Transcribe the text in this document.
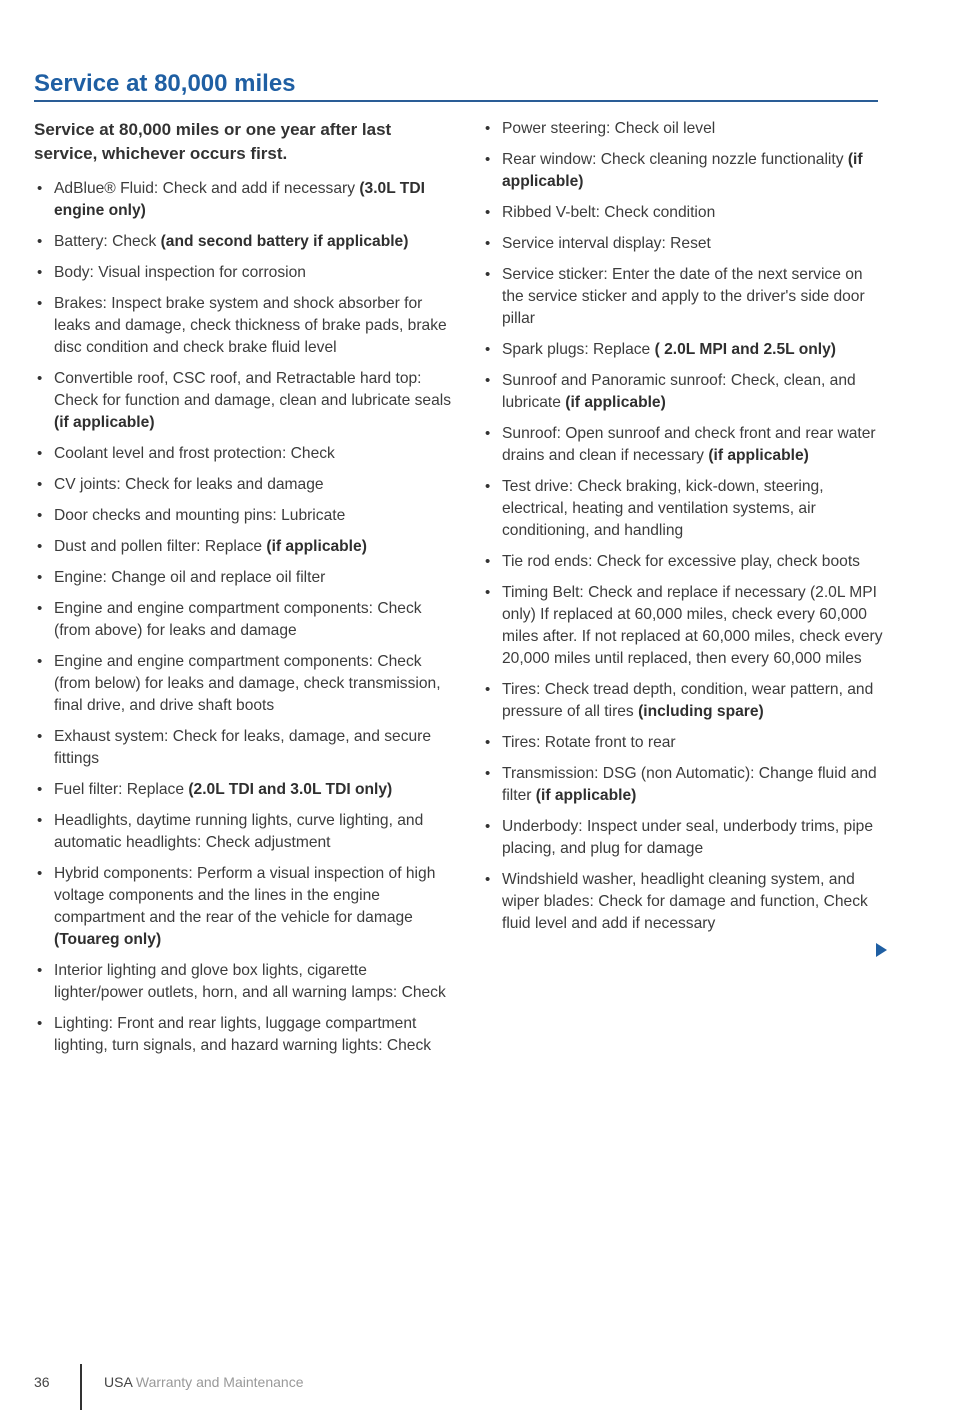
Service at 80,000 miles
Service at 80,000 miles or one year after last service, whichever occurs first.
• AdBlue® Fluid: Check and add if necessary (3.0L TDI engine only)
• Battery: Check (and second battery if applicable)
• Body: Visual inspection for corrosion
• Brakes: Inspect brake system and shock absorber for leaks and damage, check thickness of brake pads, brake disc condition and check brake fluid level
• Convertible roof, CSC roof, and Retractable hard top: Check for function and damage, clean and lubricate seals (if applicable)
• Coolant level and frost protection: Check
• CV joints: Check for leaks and damage
• Door checks and mounting pins: Lubricate
• Dust and pollen filter: Replace (if applicable)
• Engine: Change oil and replace oil filter
• Engine and engine compartment components: Check (from above) for leaks and damage
• Engine and engine compartment components: Check (from below) for leaks and damage, check transmission, final drive, and drive shaft boots
• Exhaust system: Check for leaks, damage, and secure fittings
• Fuel filter: Replace (2.0L TDI and 3.0L TDI only)
• Headlights, daytime running lights, curve lighting, and automatic headlights: Check adjustment
• Hybrid components: Perform a visual inspection of high voltage components and the lines in the engine compartment and the rear of the vehicle for damage (Touareg only)
• Interior lighting and glove box lights, cigarette lighter/power outlets, horn, and all warning lamps: Check
• Lighting: Front and rear lights, luggage compartment lighting, turn signals, and hazard warning lights: Check
• Power steering: Check oil level
• Rear window: Check cleaning nozzle functionality (if applicable)
• Ribbed V-belt: Check condition
• Service interval display: Reset
• Service sticker: Enter the date of the next service on the service sticker and apply to the driver's side door pillar
• Spark plugs: Replace ( 2.0L MPI and 2.5L only)
• Sunroof and Panoramic sunroof: Check, clean, and lubricate (if applicable)
• Sunroof: Open sunroof and check front and rear water drains and clean if necessary (if applicable)
• Test drive: Check braking, kick-down, steering, electrical, heating and ventilation systems, air conditioning, and handling
• Tie rod ends: Check for excessive play, check boots
• Timing Belt: Check and replace if necessary (2.0L MPI only) If replaced at 60,000 miles, check every 60,000 miles after. If not replaced at 60,000 miles, check every 20,000 miles until replaced, then every 60,000 miles
• Tires: Check tread depth, condition, wear pattern, and pressure of all tires (including spare)
• Tires: Rotate front to rear
• Transmission: DSG (non Automatic): Change fluid and filter (if applicable)
• Underbody: Inspect under seal, underbody trims, pipe placing, and plug for damage
• Windshield washer, headlight cleaning system, and wiper blades: Check for damage and function, Check fluid level and add if necessary
36	USA Warranty and Maintenance
